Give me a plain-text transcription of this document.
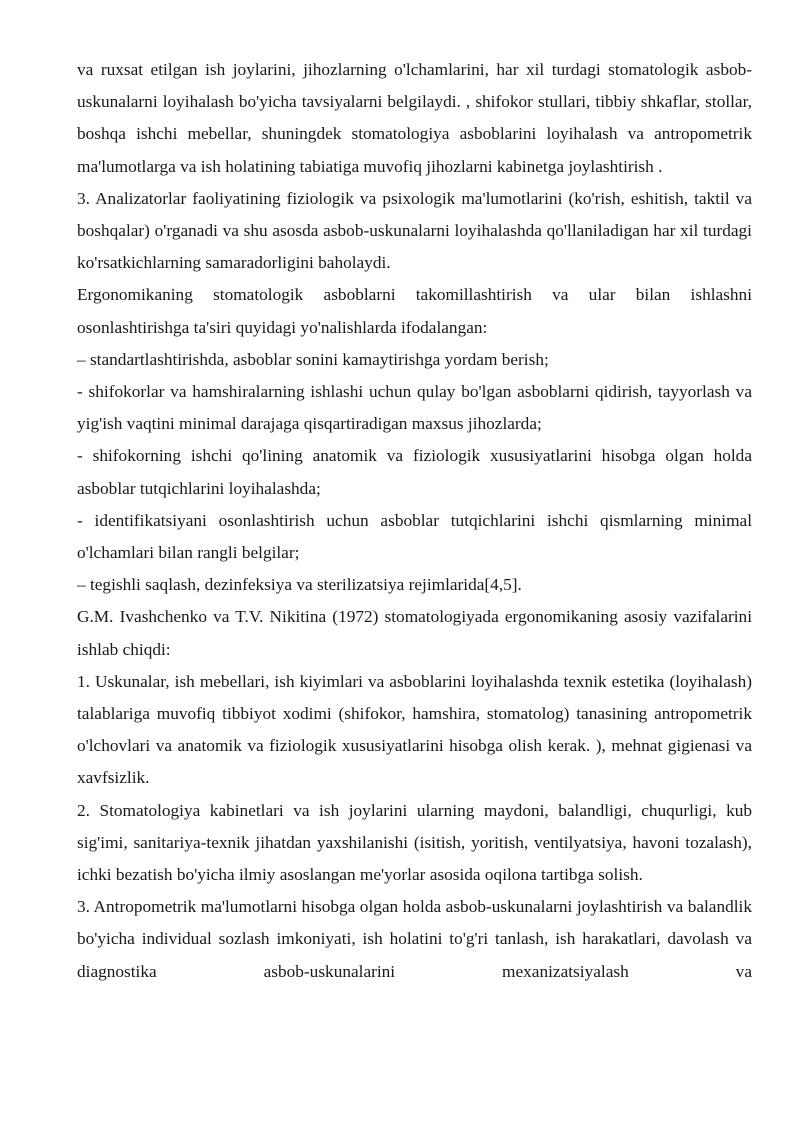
va ruxsat etilgan ish joylarini, jihozlarning o'lchamlarini, har xil turdagi stomatologik asbob-uskunalarni loyihalash bo'yicha tavsiyalarni belgilaydi. , shifokor stullari, tibbiy shkaflar, stollar, boshqa ishchi mebellar, shuningdek stomatologiya asboblarini loyihalash va antropometrik ma'lumotlarga va ish holatining tabiatiga muvofiq jihozlarni kabinetga joylashtirish .

3. Analizatorlar faoliyatining fiziologik va psixologik ma'lumotlarini (ko'rish, eshitish, taktil va boshqalar) o'rganadi va shu asosda asbob-uskunalarni loyihalashda qo'llaniladigan har xil turdagi ko'rsatkichlarning samaradorligini baholaydi.

Ergonomikaning stomatologik asboblarni takomillashtirish va ular bilan ishlashni osonlashtirishga ta'siri quyidagi yo'nalishlarda ifodalangan:

– standartlashtirishda, asboblar sonini kamaytirishga yordam berish;

- shifokorlar va hamshiralarning ishlashi uchun qulay bo'lgan asboblarni qidirish, tayyorlash va yig'ish vaqtini minimal darajaga qisqartiradigan maxsus jihozlarda;

- shifokorning ishchi qo'lining anatomik va fiziologik xususiyatlarini hisobga olgan holda asboblar tutqichlarini loyihalashda;

- identifikatsiyani osonlashtirish uchun asboblar tutqichlarini ishchi qismlarning minimal o'lchamlari bilan rangli belgilar;

– tegishli saqlash, dezinfeksiya va sterilizatsiya rejimlarida[4,5].

G.M. Ivashchenko va T.V. Nikitina (1972) stomatologiyada ergonomikaning asosiy vazifalarini ishlab chiqdi:

1. Uskunalar, ish mebellari, ish kiyimlari va asboblarini loyihalashda texnik estetika (loyihalash) talablariga muvofiq tibbiyot xodimi (shifokor, hamshira, stomatolog) tanasining antropometrik o'lchovlari va anatomik va fiziologik xususiyatlarini hisobga olish kerak. ), mehnat gigienasi va xavfsizlik.

2. Stomatologiya kabinetlari va ish joylarini ularning maydoni, balandligi, chuqurligi, kub sig'imi, sanitariya-texnik jihatdan yaxshilanishi (isitish, yoritish, ventilyatsiya, havoni tozalash), ichki bezatish bo'yicha ilmiy asoslangan me'yorlar asosida oqilona tartibga solish.

3. Antropometrik ma'lumotlarni hisobga olgan holda asbob-uskunalarni joylashtirish va balandlik bo'yicha individual sozlash imkoniyati, ish holatini to'g'ri tanlash, ish harakatlari, davolash va diagnostika asbob-uskunalarini mexanizatsiyalash va
